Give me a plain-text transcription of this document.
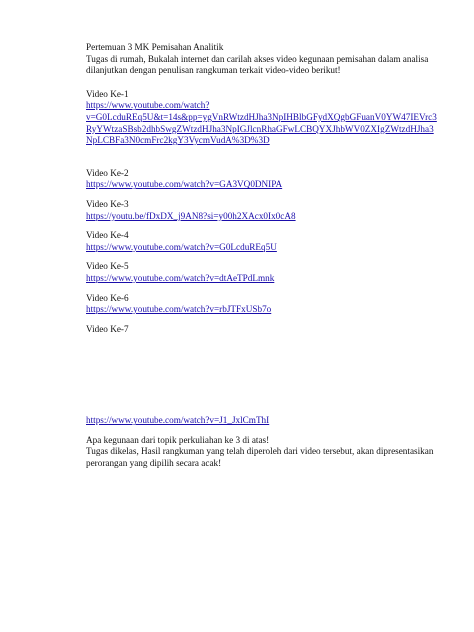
Pertemuan 3 MK Pemisahan Analitik
Tugas di rumah, Bukalah internet dan carilah akses video kegunaan pemisahan dalam analisa
dilanjutkan dengan penulisan rangkuman terkait video-video berikut!
Video Ke-1
https://www.youtube.com/watch?
v=G0LcduREq5U&t=14s&pp=ygVnRWtzdHJha3NpIHBlbGFydXQgbGFuanV0YW47IEVrc3
RyYWtzaSBsb2dhbSwgZWtzdHJha3NpIGJlcnRhaGFwLCBQYXJhbWV0ZXIgZWtzdHJha3
NpLCBFa3N0cmFrc2kgY3VycmVudA%3D%3D
Video Ke-2
https://www.youtube.com/watch?v=GA3VQ0DNIPA
Video Ke-3
https://youtu.be/fDxDX_j9AN8?si=y00h2XAcx0Ix0cA8
Video Ke-4
https://www.youtube.com/watch?v=G0LcduREq5U
Video Ke-5
https://www.youtube.com/watch?v=dtAeTPdLmnk
Video Ke-6
https://www.youtube.com/watch?v=rbJTFxUSb7o
Video Ke-7
https://www.youtube.com/watch?v=J1_JxlCmThI
Apa kegunaan dari topik perkuliahan ke 3 di atas!
Tugas dikelas, Hasil rangkuman yang telah diperoleh dari video tersebut, akan dipresentasikan
perorangan yang dipilih secara acak!
